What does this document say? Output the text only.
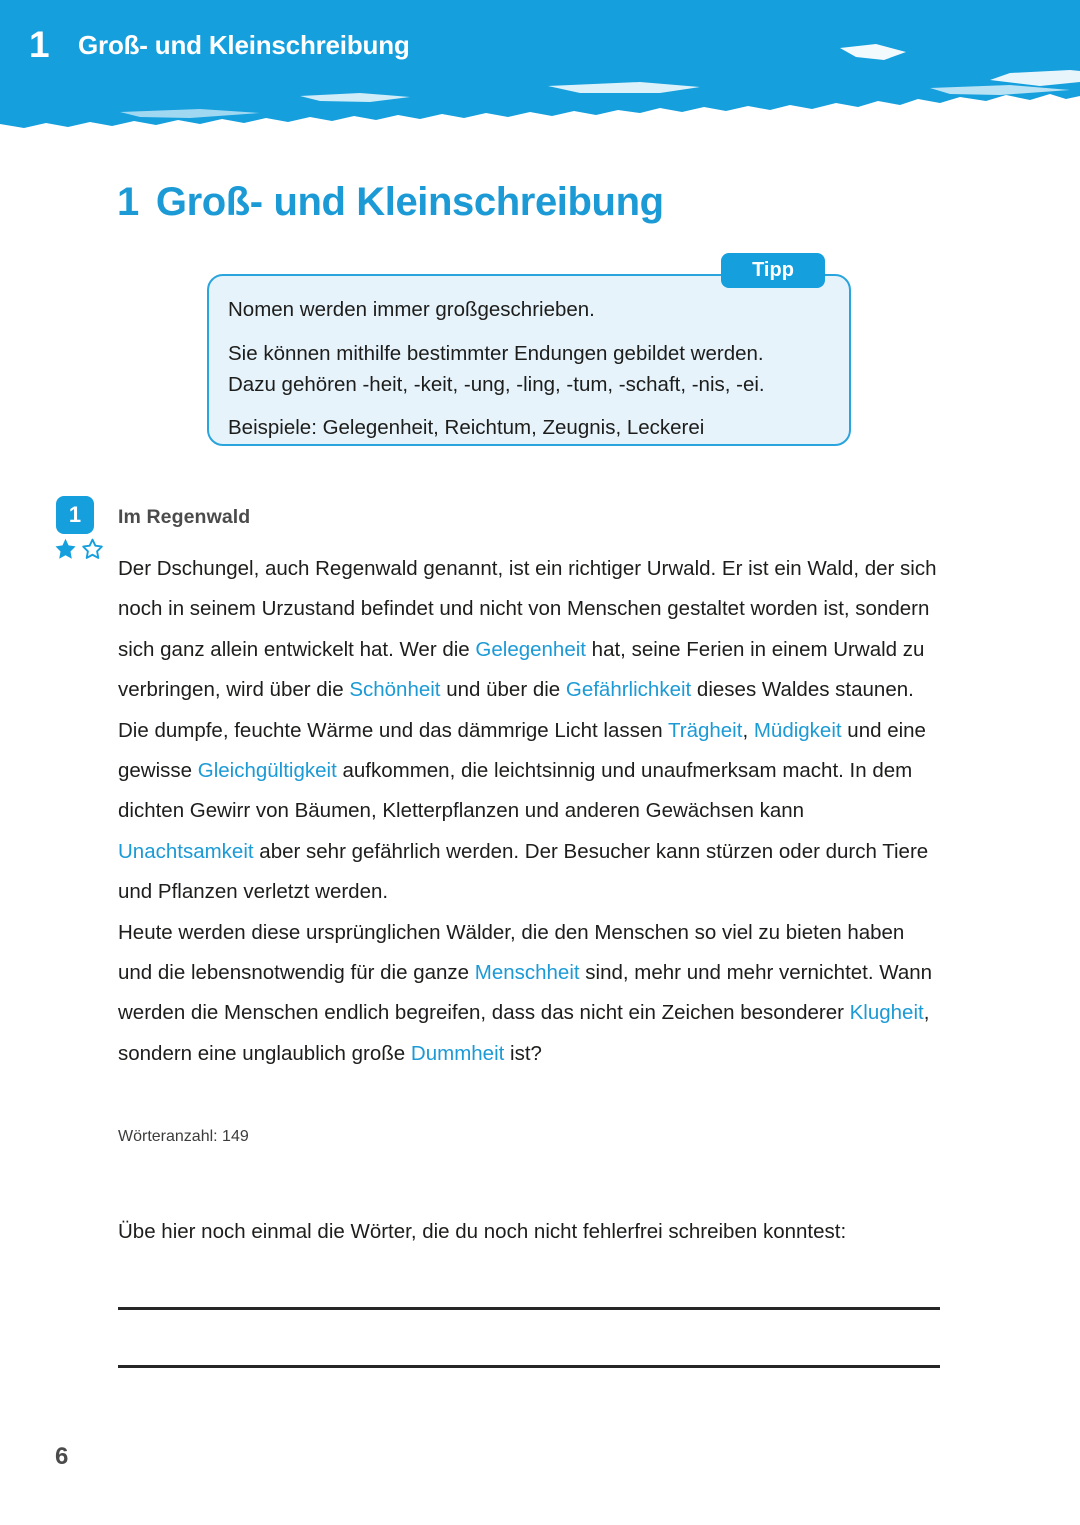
1	Groß- und Kleinschreibung
1 Groß- und Kleinschreibung
Tipp
Nomen werden immer großgeschrieben.
Sie können mithilfe bestimmter Endungen gebildet werden.
Dazu gehören -heit, -keit, -ung, -ling, -tum, -schaft, -nis, -ei.
Beispiele: Gelegenheit, Reichtum, Zeugnis, Leckerei
1	Im Regenwald

Der Dschungel, auch Regenwald genannt, ist ein richtiger Urwald. Er ist ein Wald, der sich noch in seinem Urzustand befindet und nicht von Menschen gestaltet worden ist, sondern sich ganz allein entwickelt hat. Wer die Gelegenheit hat, seine Ferien in einem Urwald zu verbringen, wird über die Schönheit und über die Gefährlichkeit dieses Waldes staunen.

Die dumpfe, feuchte Wärme und das dämmrige Licht lassen Trägheit, Müdigkeit und eine gewisse Gleichgültigkeit aufkommen, die leichtsinnig und unaufmerksam macht. In dem dichten Gewirr von Bäumen, Kletterpflanzen und anderen Gewächsen kann Unachtsamkeit aber sehr gefährlich werden. Der Besucher kann stürzen oder durch Tiere und Pflanzen verletzt werden.

Heute werden diese ursprünglichen Wälder, die den Menschen so viel zu bieten haben und die lebensnotwendig für die ganze Menschheit sind, mehr und mehr vernichtet. Wann werden die Menschen endlich begreifen, dass das nicht ein Zeichen besonderer Klugheit, sondern eine unglaublich große Dummheit ist?

Wörteranzahl: 149
Übe hier noch einmal die Wörter, die du noch nicht fehlerfrei schreiben konntest:
6
